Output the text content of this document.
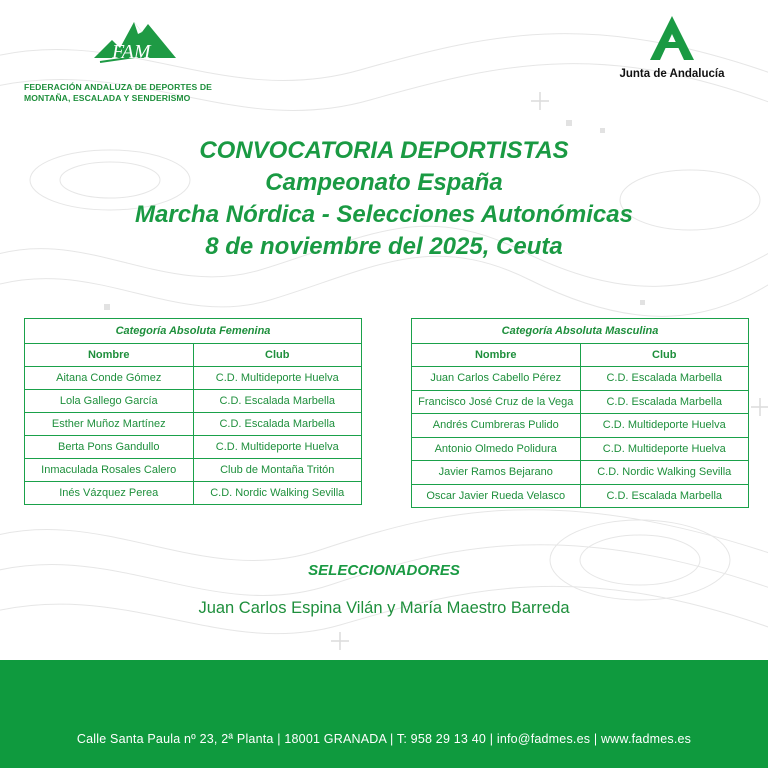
FAM
FEDERACIÓN ANDALUZA DE DEPORTES DE
MONTAÑA, ESCALADA Y SENDERISMO
Junta de Andalucía
CONVOCATORIA DEPORTISTAS
Campeonato España
Marcha Nórdica - Selecciones Autonómicas
8 de noviembre del 2025, Ceuta
Categoría Absoluta Femenina	
Nombre	Club
Aitana Conde Gómez	C.D. Multideporte Huelva
Lola Gallego García	C.D. Escalada Marbella
Esther Muñoz Martínez	C.D. Escalada Marbella
Berta Pons Gandullo	C.D. Multideporte Huelva
Inmaculada Rosales Calero	Club de Montaña Tritón
Inés Vázquez Perea	C.D. Nordic Walking Sevilla
Categoría Absoluta Masculina	
Nombre	Club
Juan Carlos Cabello Pérez	C.D. Escalada Marbella
Francisco José Cruz de la Vega	C.D. Escalada Marbella
Andrés Cumbreras Pulido	C.D. Multideporte Huelva
Antonio Olmedo Polidura	C.D. Multideporte Huelva
Javier Ramos Bejarano	C.D. Nordic Walking Sevilla
Oscar Javier Rueda Velasco	C.D. Escalada Marbella
SELECCIONADORES
Juan Carlos Espina Vilán y María Maestro Barreda
Calle Santa Paula nº 23, 2ª Planta | 18001 GRANADA | T: 958 29 13 40 | info@fadmes.es | www.fadmes.es
